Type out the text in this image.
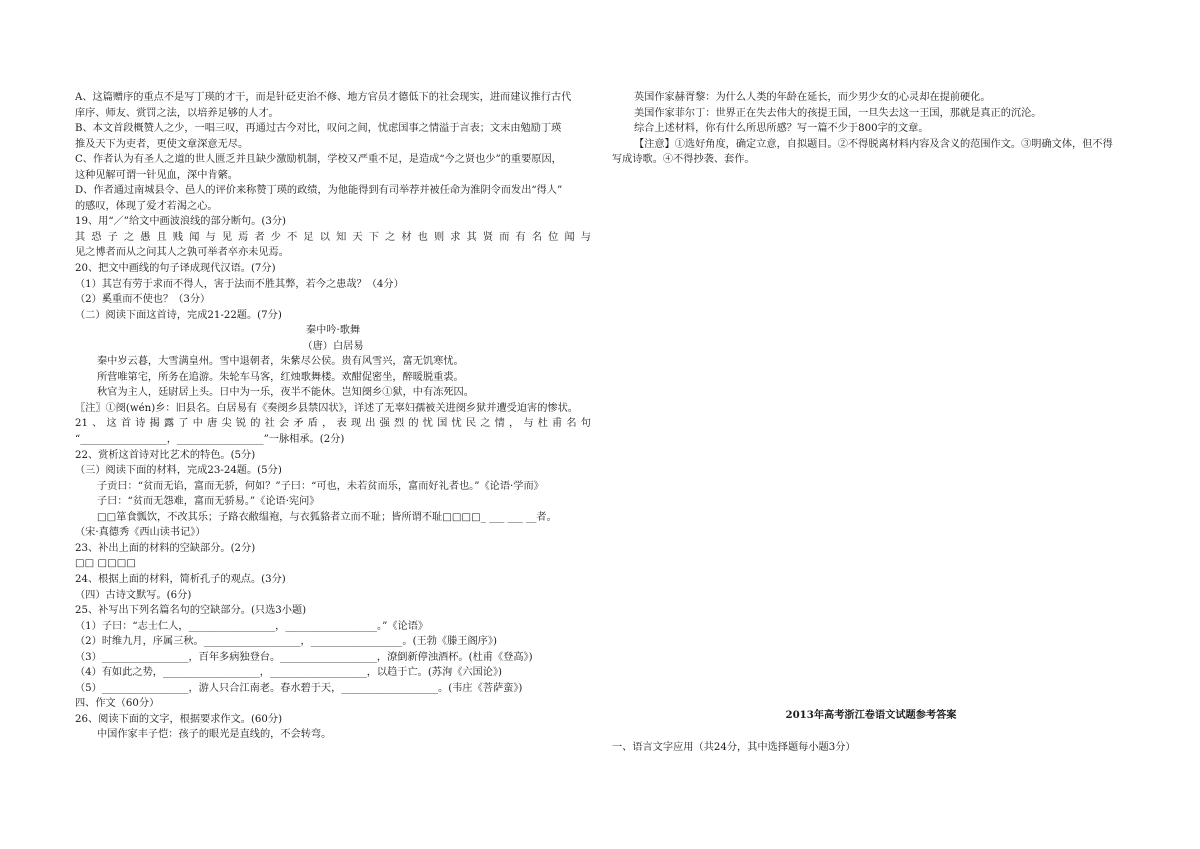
A、这篇赠序的重点不是写丁瑛的才干，而是针砭吏治不修、地方官员才德低下的社会现实，进而建议推行古代
庠序、师友、赏罚之法，以培养足够的人才。
B、本文首段概赞人之少，一唱三叹，再通过古今对比，叹问之间，忧虑国事之情溢于言表；文末由勉励丁瑛
推及天下为吏者，更使文章深意无尽。
C、作者认为有圣人之道的世人匮乏并且缺少激励机制，学校又严重不足，是造成“今之贤也少”的重要原因，
这种见解可谓一针见血，深中肯綮。
D、作者通过南城县令、邑人的评价来称赞丁瑛的政绩，为他能得到有司举荐并被任命为淮阴令而发出“得人”
的感叹，体现了爱才若渴之心。
19、用“／”给文中画波浪线的部分断句。(3分)
其恐子之愚且贱闻与见焉者少不足以知天下之材也则求其贤而有名位闻与
见之博者而从之问其人之孰可举者卒亦未见焉。
20、把文中画线的句子译成现代汉语。(7分)
（1）其岂有劳于求而不得人，害于法而不胜其弊，若今之患哉？（4分）
（2）奚重而不使也？（3分）
（二）阅读下面这首诗，完成21-22题。(7分)
秦中吟·歌舞
（唐）白居易
秦中岁云暮，大雪满皇州。雪中退朝者，朱紫尽公侯。贵有风雪兴，富无饥寒忧。
所营唯第宅，所务在追游。朱轮车马客，红烛歌舞楼。欢酣促密坐，醉暖脱重裘。
秋官为主人，廷尉居上头。日中为一乐，夜半不能休。岂知阌乡①狱，中有冻死囚。
〖注〗①阌(wén)乡：旧县名。白居易有《奏阌乡县禁囚状》，详述了无辜妇孺被关进阌乡狱并遭受迫害的惨状。
21、这首诗揭露了中唐尖锐的社会矛盾，表现出强烈的忧国忧民之情，与杜甫名句
“_________________，_________________”一脉相承。(2分)
22、赏析这首诗对比艺术的特色。(5分)
（三）阅读下面的材料，完成23-24题。(5分)
子贡曰：“贫而无谄，富而无骄，何如？”子曰：“可也，未若贫而乐，富而好礼者也。”《论语·学而》
子曰：“贫而无怨难，富而无骄易。”《论语·宪问》
□□箪食瓢饮，不改其乐；子路衣敝缊袍，与衣狐貉者立而不耻；皆所谓不耻□□□□_ ___ ___ __者。
（宋·真德秀《西山读书记》）
23、补出上面的材料的空缺部分。(2分)
□□ □□□□
24、根据上面的材料，简析孔子的观点。(3分)
（四）古诗文默写。(6分)
25、补写出下列名篇名句的空缺部分。(只选3小题)
（1）子曰：“志士仁人，_________________，__________________。”《论语》
（2）时维九月，序属三秋。___________________，__________________。(王勃《滕王阁序》)
（3）_________________，百年多病独登台。___________________，潦倒新停浊酒杯。(杜甫《登高》)
（4）有如此之势，___________________，___________________，以趋于亡。(苏洵《六国论》)
（5）_________________，游人只合江南老。春水碧于天，___________________。(韦庄《菩萨蛮》)
四、作文（60分）
26、阅读下面的文字，根据要求作文。(60分)
中国作家丰子恺：孩子的眼光是直线的，不会转弯。
英国作家赫胥黎：为什么人类的年龄在延长，而少男少女的心灵却在提前硬化。
美国作家菲尔丁：世界正在失去伟大的孩提王国，一旦失去这一王国，那就是真正的沉沦。
综合上述材料，你有什么所思所感？写一篇不少于800字的文章。
【注意】①选好角度，确定立意，自拟题目。②不得脱离材料内容及含义的范围作文。③明确文体，但不得
写成诗歌。④不得抄袭、套作。
2013年高考浙江卷语文试题参考答案
一、语言文字应用（共24分，其中选择题每小题3分）
